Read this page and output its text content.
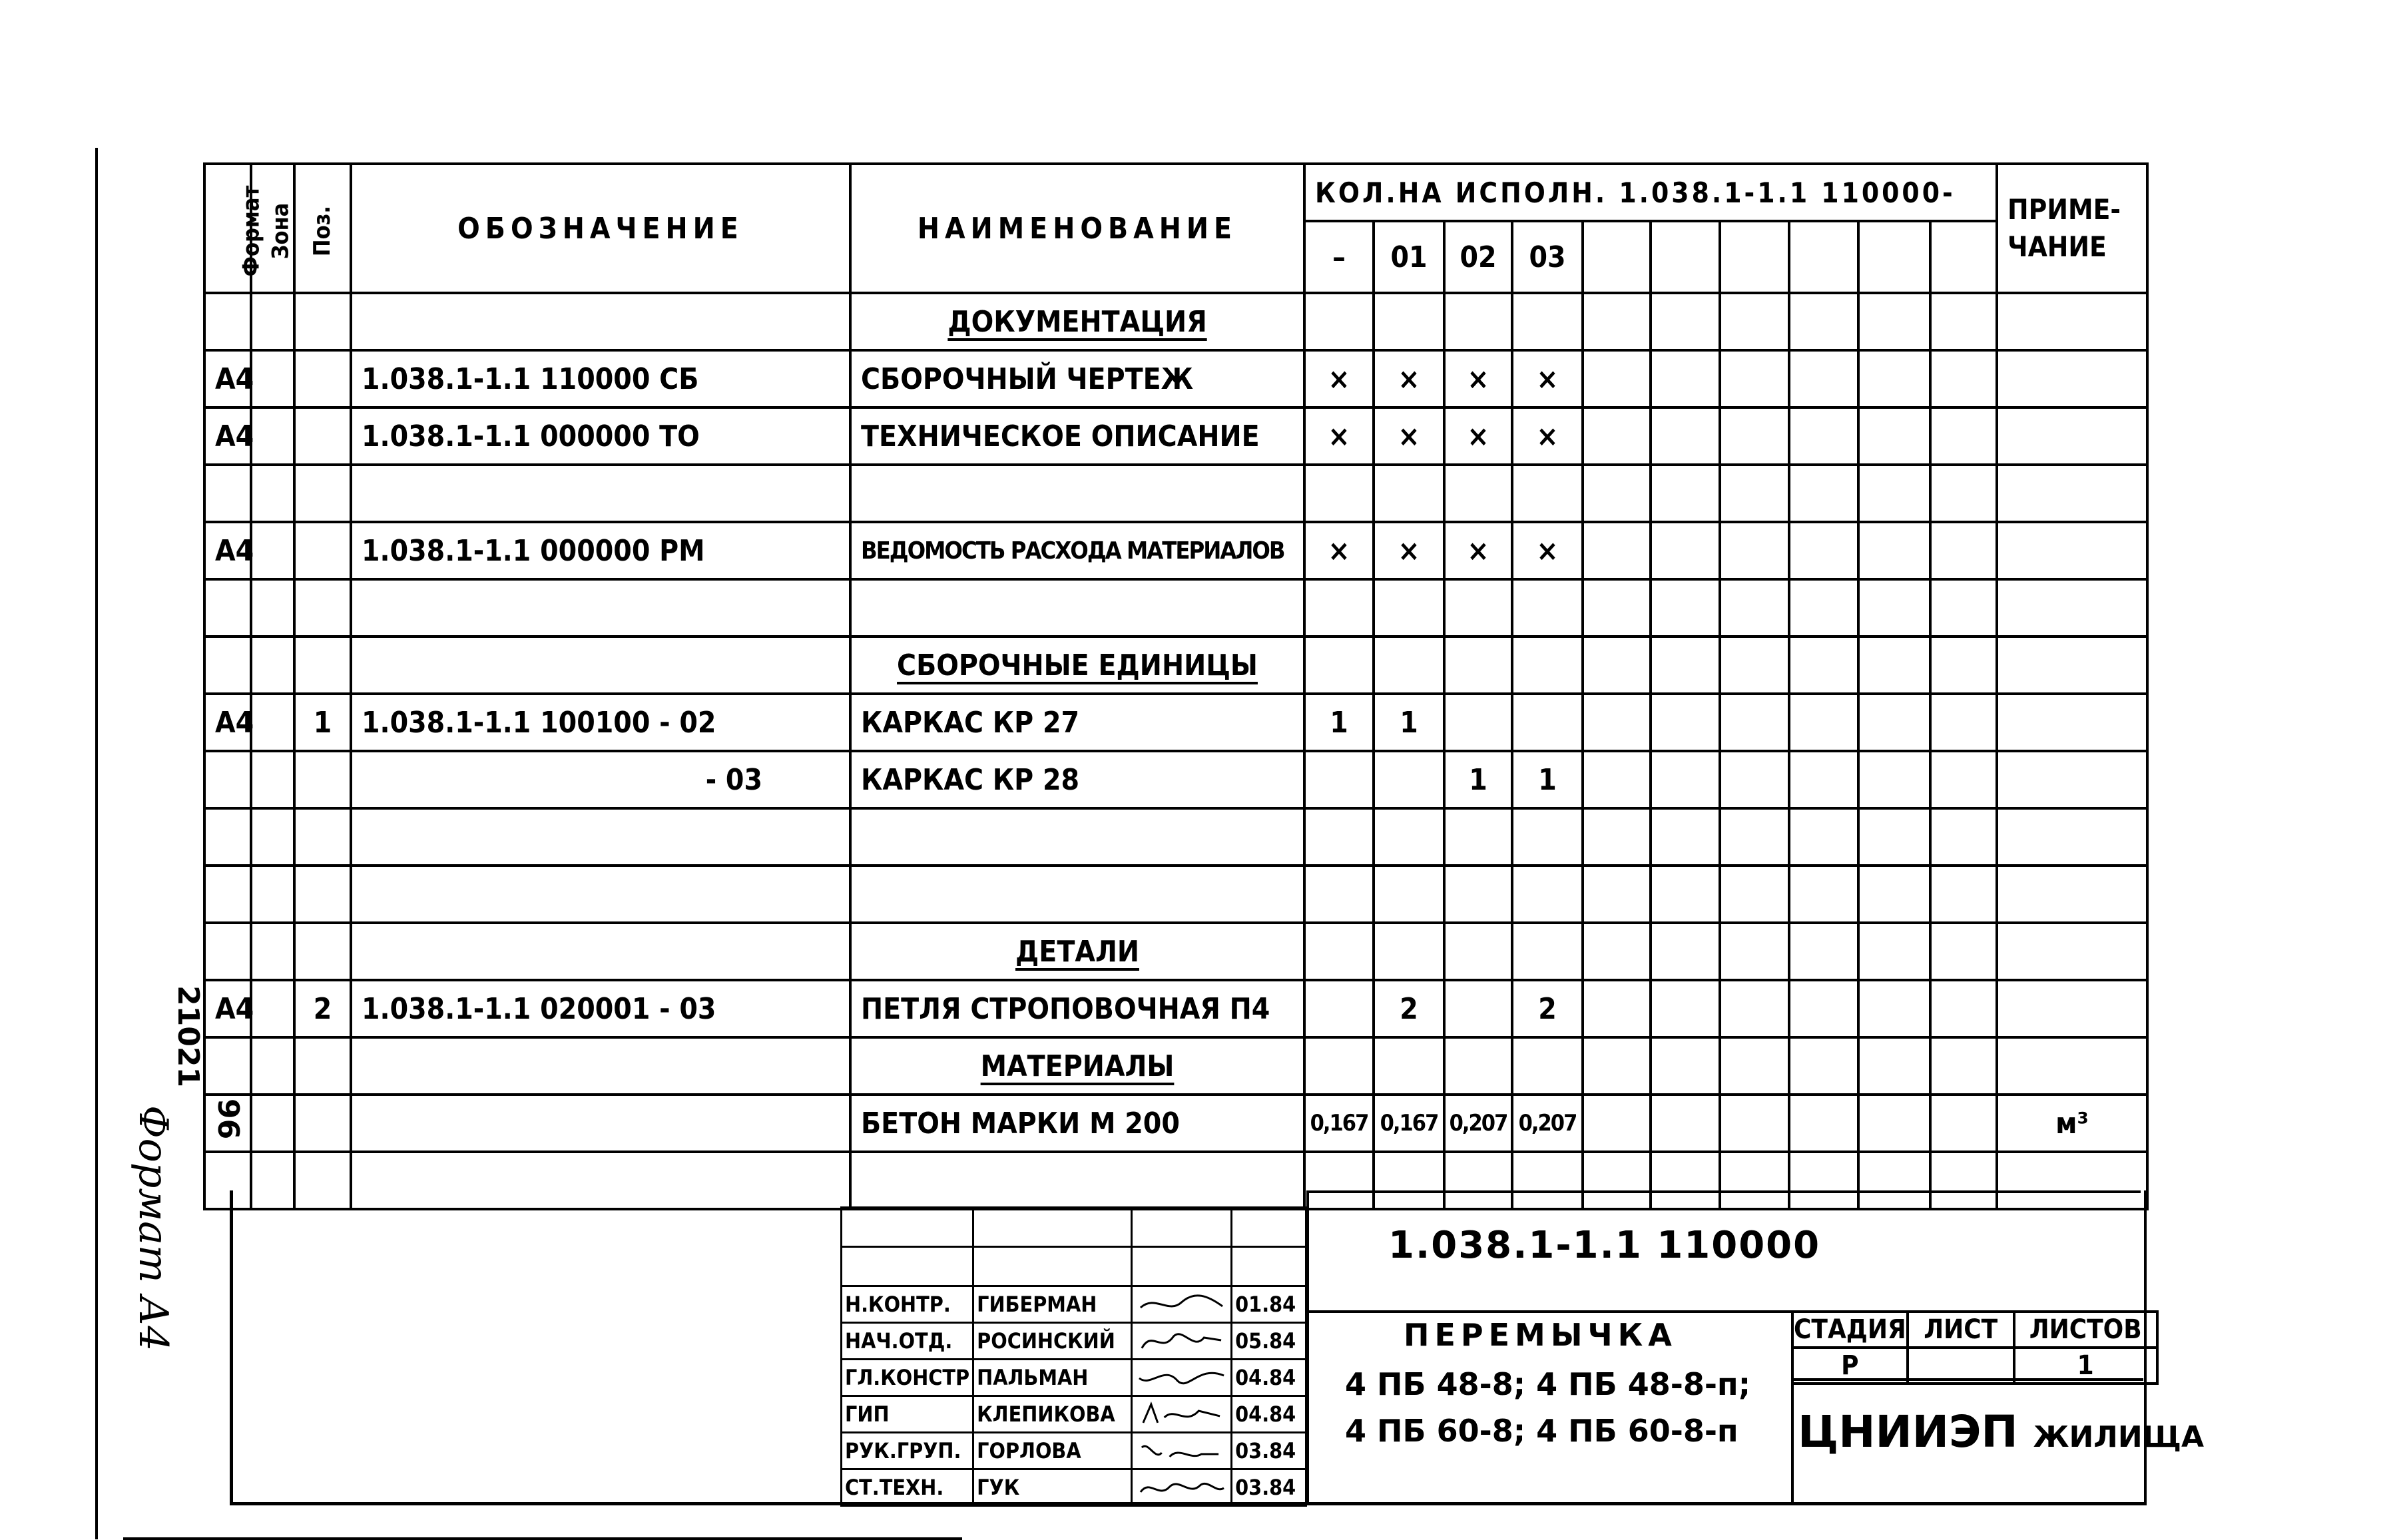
Формат	Зона	Поз.	ОБОЗНАЧЕНИЕ	НАИМЕНОВАНИЕ	КОЛ.НА ИСПОЛН. 1.038.1-1.1 110000-										ПРИМЕ-
ЧАНИЕ
					–	01	02	03							
				ДОКУМЕНТАЦИЯ											
А4			1.038.1-1.1 110000 СБ	СБОРОЧНЫЙ ЧЕРТЕЖ	×	×	×	×							
А4			1.038.1-1.1 000000 ТО	ТЕХНИЧЕСКОЕ ОПИСАНИЕ	×	×	×	×							

А4			1.038.1-1.1 000000 РМ	ВЕДОМОСТЬ РАСХОДА МАТЕРИАЛОВ	×	×	×	×							

				СБОРОЧНЫЕ ЕДИНИЦЫ											
А4		1	1.038.1-1.1 100100 - 02	КАРКАС КР 27	1	1									
			- 03	КАРКАС КР 28			1	1							

				ДЕТАЛИ											
А4		2	1.038.1-1.1 020001 - 03	ПЕТЛЯ СТРОПОВОЧНАЯ П4		2		2							
				МАТЕРИАЛЫ											
				БЕТОН МАРКИ М 200	0,167	0,167	0,207	0,207							м³

Н.КОНТР.	ГИБЕРМАН		01.84
НАЧ.ОТД.	РОСИНСКИЙ		05.84
ГЛ.КОНСТР	ПАЛЬМАН		04.84
ГИП	КЛЕПИКОВА		04.84
РУК.ГРУП.	ГОРЛОВА		03.84
СТ.ТЕХН.	ГУК		03.84
1.038.1-1.1 110000
ПЕРЕМЫЧКА
4 ПБ 48-8; 4 ПБ 48-8-п;
4 ПБ 60-8; 4 ПБ 60-8-п
СТАДИЯ	ЛИСТ	ЛИСТОВ
Р		1
ЦНИИЭП ЖИЛИЩА
21021
96
Формат А4
